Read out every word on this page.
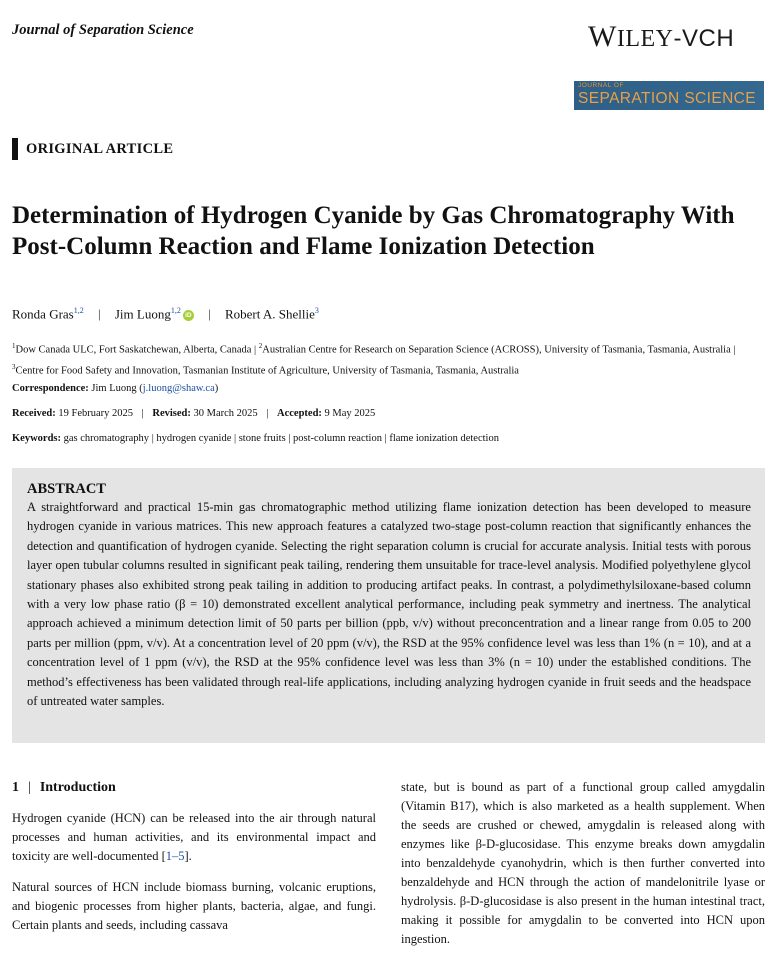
Journal of Separation Science	WILEY-VCH
JOURNAL OF
SEPARATION SCIENCE
ORIGINAL ARTICLE
Determination of Hydrogen Cyanide by Gas Chromatography With Post-Column Reaction and Flame Ionization Detection
Ronda Gras$^{1,2}$ | Jim Luong$^{1,2}$iD | Robert A. Shellie$^3$
$^1$Dow Canada ULC, Fort Saskatchewan, Alberta, Canada | $^2$Australian Centre for Research on Separation Science (ACROSS), University of Tasmania, Tasmania, Australia | $^3$Centre for Food Safety and Innovation, Tasmanian Institute of Agriculture, University of Tasmania, Tasmania, Australia
Correspondence: Jim Luong (j.luong@shaw.ca)
Received: 19 February 2025 | Revised: 30 March 2025 | Accepted: 9 May 2025
Keywords: gas chromatography | hydrogen cyanide | stone fruits | post-column reaction | flame ionization detection
ABSTRACT

A straightforward and practical 15-min gas chromatographic method utilizing flame ionization detection has been developed to measure hydrogen cyanide in various matrices. This new approach features a catalyzed two-stage post-column reaction that significantly enhances the detection and quantification of hydrogen cyanide. Selecting the right separation column is crucial for accurate analysis. Initial tests with porous layer open tubular columns resulted in significant peak tailing, rendering them unsuitable for trace-level analysis. Modified polyethylene glycol stationary phases also exhibited strong peak tailing in addition to producing artifact peaks. In contrast, a polydimethylsiloxane-based column with a very low phase ratio (β = 10) demonstrated excellent analytical performance, including peak symmetry and inertness. The analytical approach achieved a minimum detection limit of 50 parts per billion (ppb, v/v) without preconcentration and a linear range from 0.05 to 200 parts per million (ppm, v/v). At a concentration level of 20 ppm (v/v), the RSD at the 95% confidence level was less than 1% (n = 10), and at a concentration level of 1 ppm (v/v), the RSD at the 95% confidence level was less than 3% (n = 10) under the established conditions. The method’s effectiveness has been validated through real-life applications, including analyzing hydrogen cyanide in fruit seeds and the headspace of untreated water samples.

1 | Introduction

Hydrogen cyanide (HCN) can be released into the air through natural processes and human activities, and its environmental impact and toxicity are well-documented [1–5].

Natural sources of HCN include biomass burning, volcanic eruptions, and biogenic processes from higher plants, bacteria, algae, and fungi. Certain plants and seeds, including cassava

state, but is bound as part of a functional group called amygdalin (Vitamin B17), which is also marketed as a health supplement. When the seeds are crushed or chewed, amygdalin is released along with enzymes like β-D-glucosidase. This enzyme breaks down amygdalin into benzaldehyde cyanohydrin, which is then further converted into benzaldehyde and HCN through the action of mandelonitrile lyase or hydrolysis. β-D-glucosidase is also present in the human intestinal tract, making it possible for amygdalin to be converted into HCN upon ingestion.
